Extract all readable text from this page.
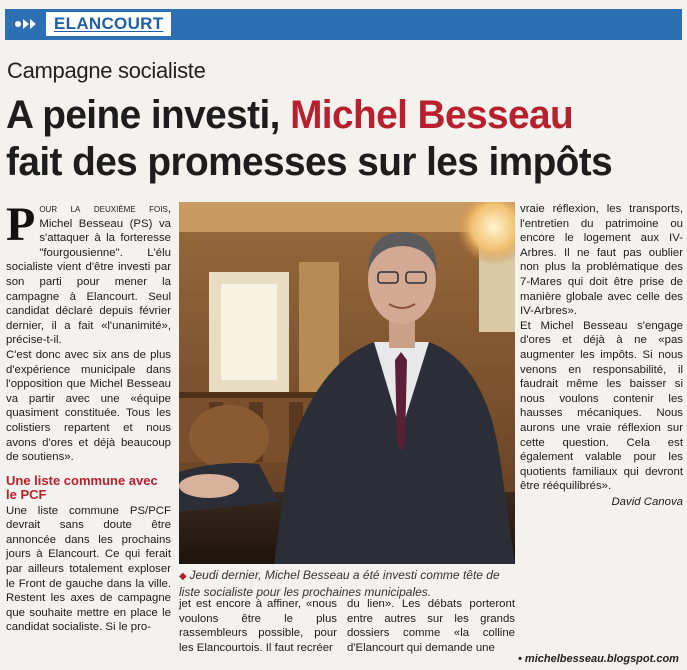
ELANCOURT
Campagne socialiste
A peine investi, Michel Besseau
fait des promesses sur les impôts

Pour la deuxième fois, Michel Besseau (PS) va s'attaquer à la forteresse "fourgousienne". L'élu socialiste vient d'être investi par son parti pour mener la campagne à Elancourt. Seul candidat déclaré depuis février dernier, il a fait «l'unanimité», précise-t-il.

C'est donc avec six ans de plus d'expérience municipale dans l'opposition que Michel Besseau va partir avec une «équipe quasiment constituée. Tous les colistiers repartent et nous avons d'ores et déjà beaucoup de soutiens».

Une liste commune avec le PCF

Une liste commune PS/PCF devrait sans doute être annoncée dans les prochains jours à Elancourt. Ce qui ferait par ailleurs totalement exploser le Front de gauche dans la ville. Restent les axes de campagne que souhaite mettre en place le candidat socialiste. Si le pro-

◆ Jeudi dernier, Michel Besseau a été investi comme tête de liste socialiste pour les prochaines municipales.
jet est encore à affiner, «nous voulons être le plus rassembleurs possible, pour les Elancourtois. Il faut recréer
du lien». Les débats porteront entre autres sur les grands dossiers comme «la colline d'Elancourt qui demande une

vraie réflexion, les transports, l'entretien du patrimoine ou encore le logement aux IV-Arbres. Il ne faut pas oublier non plus la problématique des 7-Mares qui doit être prise de manière globale avec celle des IV-Arbres».

Et Michel Besseau s'engage d'ores et déjà à ne «pas augmenter les impôts. Si nous venons en responsabilité, il faudrait même les baisser si nous voulons contenir les hausses mécaniques. Nous aurons une vraie réflexion sur cette question. Cela est également valable pour les quotients familiaux qui devront être rééquilibrés».

David Canova
• michelbesseau.blogspot.com
